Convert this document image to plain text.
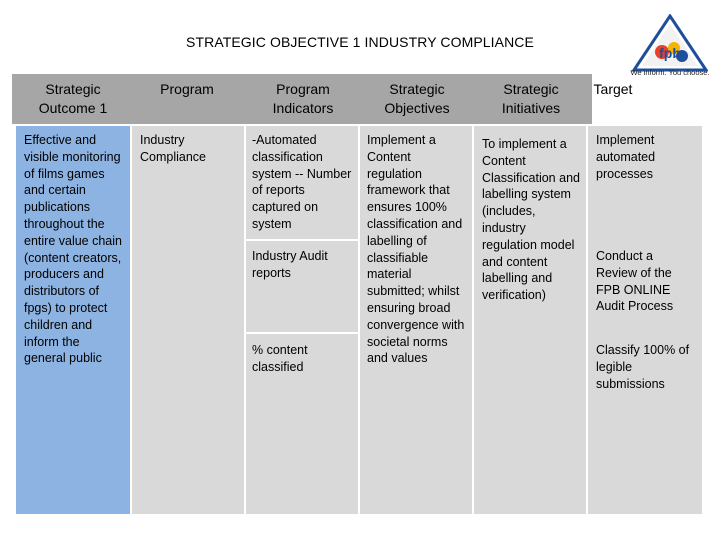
STRATEGIC OBJECTIVE 1 INDUSTRY COMPLIANCE
fpb
We inform. You choose.
Strategic Outcome 1
Program	Program Indicators
Strategic Objectives
Strategic Initiatives
Target
Effective and visible monitoring of films games and certain publications throughout the entire value chain (content creators, producers and distributors of fpgs) to protect children and inform the general public
Industry Compliance
-Automated classification system -- Number of reports captured on system
Industry Audit reports
% content classified
Implement a Content regulation framework that ensures 100% classification and labelling of classifiable material submitted; whilst ensuring broad convergence with societal norms and values
To implement a Content Classification and labelling system (includes, industry regulation model and content labelling and verification)
Implement automated processes
Conduct a Review of the FPB ONLINE Audit Process
Classify 100% of legible submissions
